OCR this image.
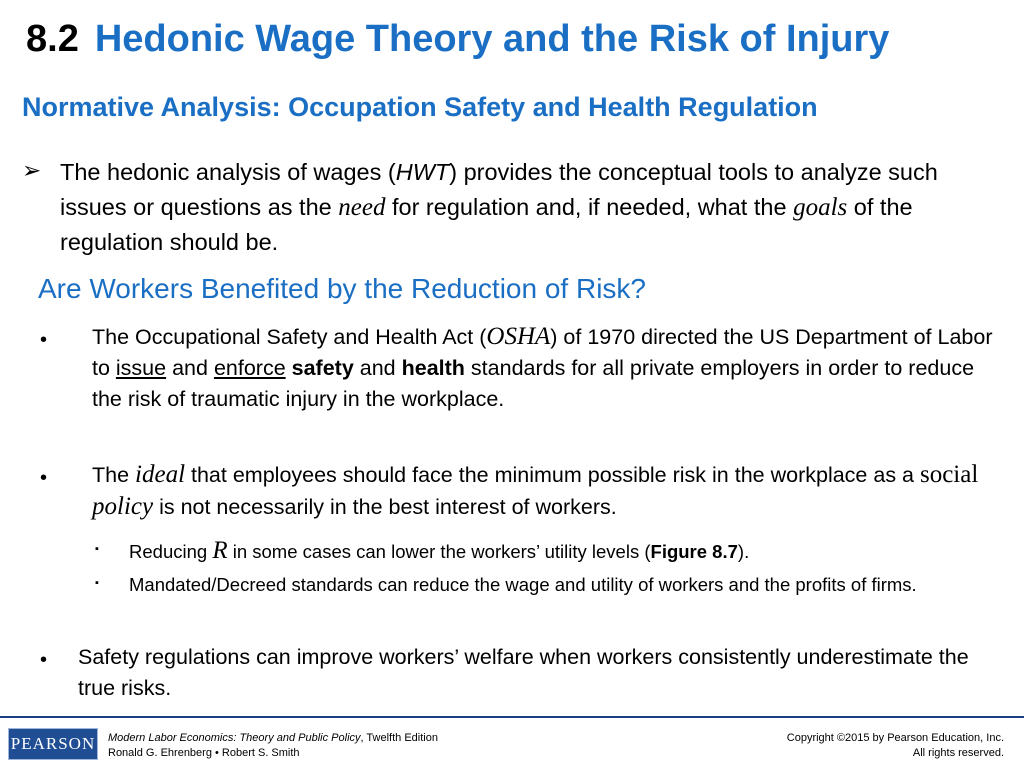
8.2 Hedonic Wage Theory and the Risk of Injury
Normative Analysis: Occupation Safety and Health Regulation
➢ The hedonic analysis of wages (HWT) provides the conceptual tools to analyze such issues or questions as the need for regulation and, if needed, what the goals of the regulation should be.
Are Workers Benefited by the Reduction of Risk?
• The Occupational Safety and Health Act (OSHA) of 1970 directed the US Department of Labor to issue and enforce safety and health standards for all private employers in order to reduce the risk of traumatic injury in the workplace.
• The ideal that employees should face the minimum possible risk in the workplace as a social policy is not necessarily in the best interest of workers.
▪ Reducing R in some cases can lower the workers’ utility levels (Figure 8.7).
▪ Mandated/Decreed standards can reduce the wage and utility of workers and the profits of firms.
• Safety regulations can improve workers’ welfare when workers consistently underestimate the true risks.
PEARSON Modern Labor Economics: Theory and Public Policy, Twelfth Edition
Ronald G. Ehrenberg • Robert S. Smith
Copyright ©2015 by Pearson Education, Inc.
All rights reserved.
